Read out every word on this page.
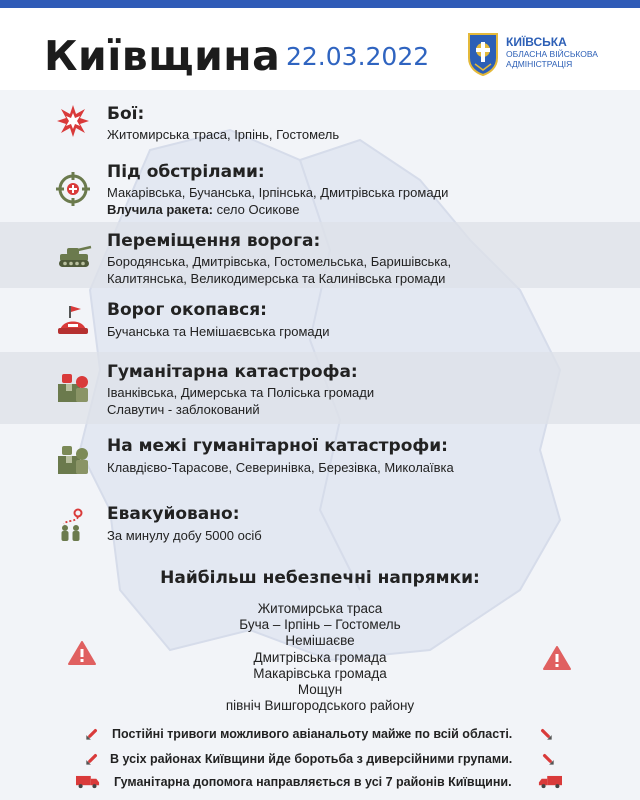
Київщина 22.03.2022	КИЇВСЬКА
ОБЛАСНА ВІЙСЬКОВА
АДМІНІСТРАЦІЯ
Бої:
Житомирська траса, Ірпінь, Гостомель
Під обстрілами:
Макарівська, Бучанська, Ірпінська, Дмитрівська громади
Влучила ракета: село Осикове
Переміщення ворога:
Бородянська, Дмитрівська, Гостомельська, Баришівська,
Калитянська, Великодимерська та Калинівська громади
Ворог окопався:
Бучанська та Немішаєвська громади
Гуманітарна катастрофа:
Іванківська, Димерська та Поліська громади
Славутич - заблокований
На межі гуманітарної катастрофи:
Клавдієво-Тарасове, Северинівка, Березівка, Миколаївка
Евакуйовано:
За минулу добу 5000 осіб
Найбільш небезпечні напрямки:
Житомирська траса
Буча – Ірпінь – Гостомель
Немішаєве
Дмитрівська громада
Макарівська громада
Мощун
північ Вишгородського району
Постійні тривоги можливого авіанальоту майже по всій області.
В усіх районах Київщини йде боротьба з диверсійними групами.
Гуманітарна допомога направляється в усі 7 районів Київщини.
